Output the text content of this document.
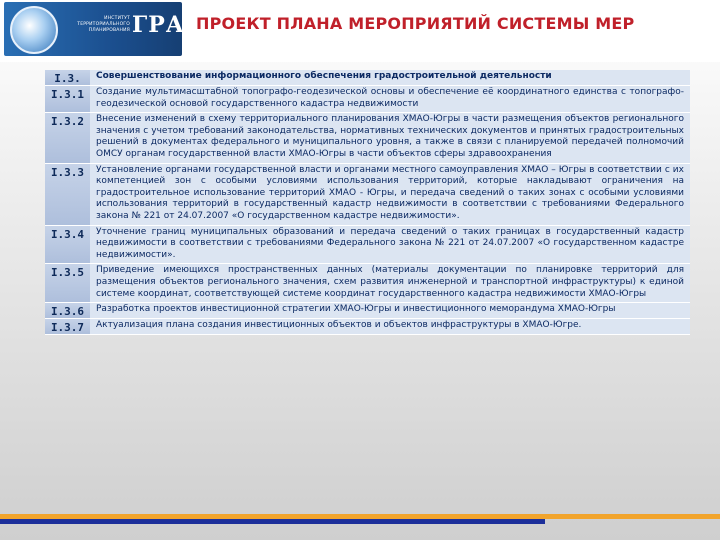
ИНСТИТУТ ТЕРРИТОРИАЛЬНОГО ПЛАНИРОВАНИЯ ГРАД
ПРОЕКТ ПЛАНА МЕРОПРИЯТИЙ СИСТЕМЫ МЕР
I.3.	Совершенствование информационного обеспечения градостроительной деятельности
I.3.1	Создание мультимасштабной топографо-геодезической основы и обеспечение её координатного единства с топографо-геодезической основой государственного кадастра недвижимости
I.3.2	Внесение изменений в схему территориального планирования ХМАО-Югры в части размещения объектов регионального значения с учетом требований законодательства, нормативных технических документов и принятых градостроительных решений в документах федерального и муниципального уровня, а также в связи с планируемой передачей полномочий ОМСУ органам государственной власти ХМАО-Югры в части объектов сферы здравоохранения
I.3.3	Установление органами государственной власти и органами местного самоуправления ХМАО – Югры в соответствии с их компетенцией зон с особыми условиями использования территорий, которые накладывают ограничения на градостроительное использование территорий ХМАО - Югры, и передача сведений о таких зонах с особыми условиями использования территорий в государственный кадастр недвижимости в соответствии с требованиями Федерального закона № 221 от 24.07.2007 «О государственном кадастре недвижимости».
I.3.4	Уточнение границ муниципальных образований и передача сведений о таких границах в государственный кадастр недвижимости в соответствии с требованиями Федерального закона № 221 от 24.07.2007 «О государственном кадастре недвижимости».
I.3.5	Приведение имеющихся пространственных данных (материалы документации по планировке территорий для размещения объектов регионального значения, схем развития инженерной и транспортной инфраструктуры) к единой системе координат, соответствующей системе координат государственного кадастра недвижимости ХМАО-Югры
I.3.6	Разработка проектов инвестиционной стратегии ХМАО-Югры и инвестиционного меморандума ХМАО-Югры
I.3.7	Актуализация плана создания инвестиционных объектов и объектов инфраструктуры в ХМАО-Югре.
